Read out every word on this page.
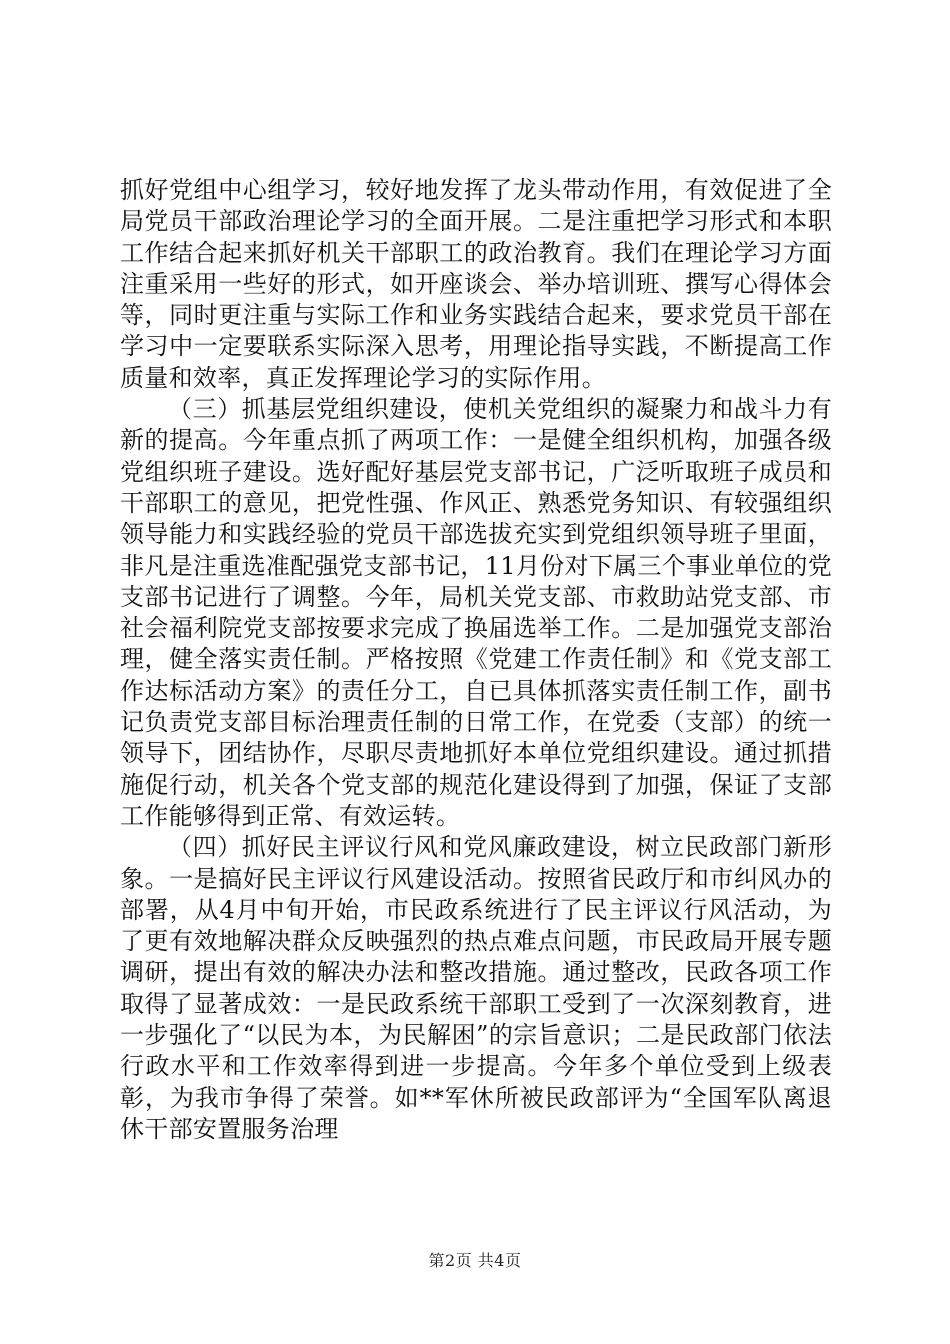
抓好党组中心组学习，较好地发挥了龙头带动作用，有效促进了全局党员干部政治理论学习的全面开展。二是注重把学习形式和本职工作结合起来抓好机关干部职工的政治教育。我们在理论学习方面注重采用一些好的形式，如开座谈会、举办培训班、撰写心得体会等，同时更注重与实际工作和业务实践结合起来，要求党员干部在学习中一定要联系实际深入思考，用理论指导实践，不断提高工作质量和效率，真正发挥理论学习的实际作用。

（三）抓基层党组织建设，使机关党组织的凝聚力和战斗力有新的提高。今年重点抓了两项工作：一是健全组织机构，加强各级党组织班子建设。选好配好基层党支部书记，广泛听取班子成员和干部职工的意见，把党性强、作风正、熟悉党务知识、有较强组织领导能力和实践经验的党员干部选拔充实到党组织领导班子里面，非凡是注重选准配强党支部书记，11月份对下属三个事业单位的党支部书记进行了调整。今年，局机关党支部、市救助站党支部、市社会福利院党支部按要求完成了换届选举工作。二是加强党支部治理，健全落实责任制。严格按照《党建工作责任制》和《党支部工作达标活动方案》的责任分工，自已具体抓落实责任制工作，副书记负责党支部目标治理责任制的日常工作，在党委（支部）的统一领导下，团结协作，尽职尽责地抓好本单位党组织建设。通过抓措施促行动，机关各个党支部的规范化建设得到了加强，保证了支部工作能够得到正常、有效运转。

（四）抓好民主评议行风和党风廉政建设，树立民政部门新形象。一是搞好民主评议行风建设活动。按照省民政厅和市纠风办的部署，从4月中旬开始，市民政系统进行了民主评议行风活动，为了更有效地解决群众反映强烈的热点难点问题，市民政局开展专题调研，提出有效的解决办法和整改措施。通过整改，民政各项工作取得了显著成效：一是民政系统干部职工受到了一次深刻教育，进一步强化了“以民为本，为民解困”的宗旨意识；二是民政部门依法行政水平和工作效率得到进一步提高。今年多个单位受到上级表彰，为我市争得了荣誉。如**军休所被民政部评为“全国军队离退休干部安置服务治理

第2页 共4页
